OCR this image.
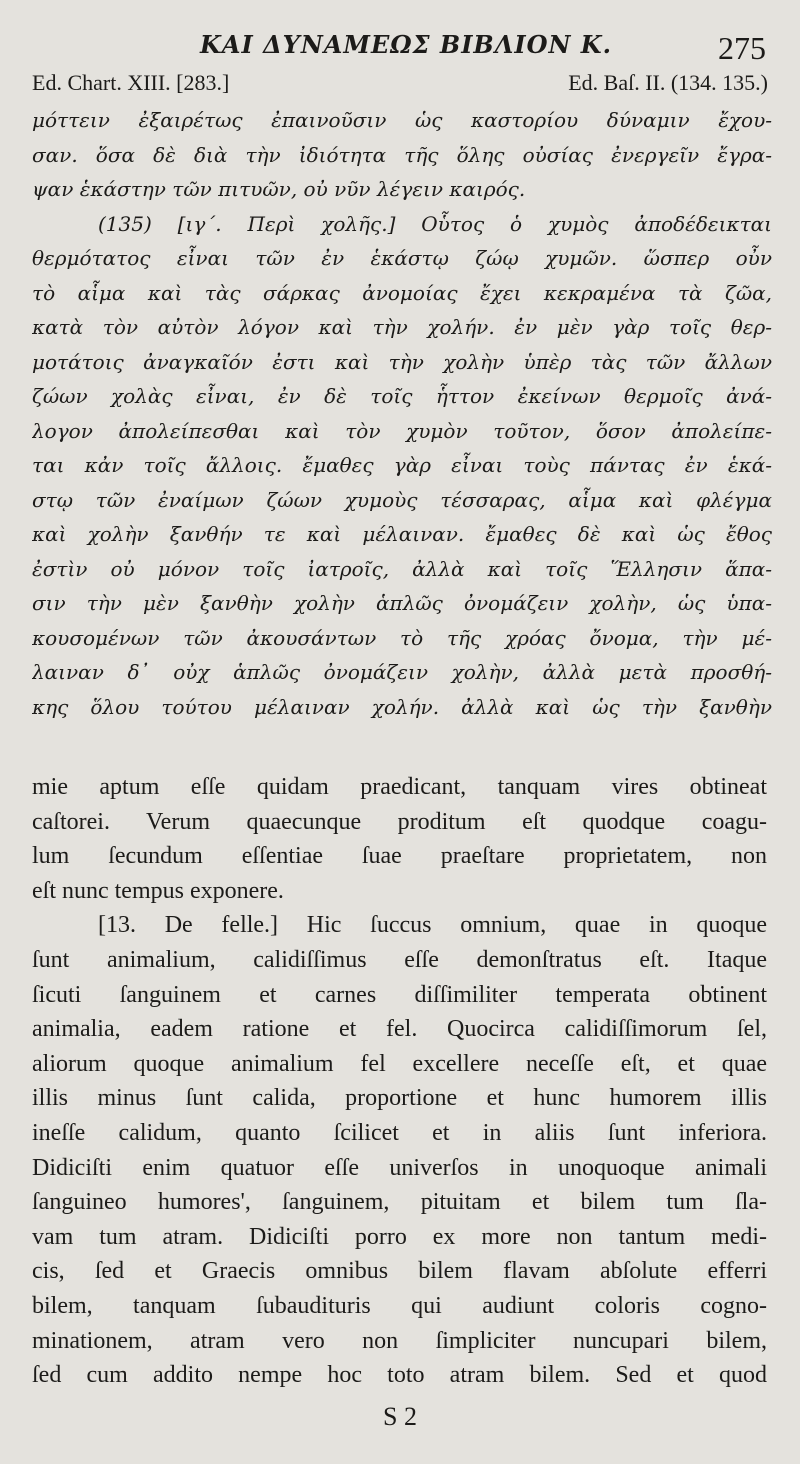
ΚΑΙ ΔΥΝΑΜΕΩΣ ΒΙΒΛΙΟΝ Κ.	275
Ed. Chart. XIII. [283.]	Ed. Baſ. II. (134. 135.)
μόττειν ἐξαιρέτως ἐπαινοῦσιν ὡς καστορίου δύναμιν ἔχου-
σαν. ὅσα δὲ διὰ τὴν ἰδιότητα τῆς ὅλης οὐσίας ἐνεργεῖν ἔγρα-
ψαν ἑκάστην τῶν πιτυῶν, οὐ νῦν λέγειν καιρός.
(135) [ιγ΄. Περὶ χολῆς.] Οὗτος ὁ χυμὸς ἀποδέδεικται
θερμότατος εἶναι τῶν ἐν ἑκάστῳ ζώῳ χυμῶν. ὥσπερ οὖν
τὸ αἷμα καὶ τὰς σάρκας ἀνομοίας ἔχει κεκραμένα τὰ ζῶα,
κατὰ τὸν αὐτὸν λόγον καὶ τὴν χολήν. ἐν μὲν γὰρ τοῖς θερ-
μοτάτοις ἀναγκαῖόν ἐστι καὶ τὴν χολὴν ὑπὲρ τὰς τῶν ἄλλων
ζώων χολὰς εἶναι, ἐν δὲ τοῖς ἧττον ἐκείνων θερμοῖς ἀνά-
λογον ἀπολείπεσθαι καὶ τὸν χυμὸν τοῦτον, ὅσον ἀπολείπε-
ται κἀν τοῖς ἄλλοις. ἔμαθες γὰρ εἶναι τοὺς πάντας ἐν ἑκά-
στῳ τῶν ἐναίμων ζώων χυμοὺς τέσσαρας, αἷμα καὶ φλέγμα
καὶ χολὴν ξανθήν τε καὶ μέλαιναν. ἔμαθες δὲ καὶ ὡς ἔθος
ἐστὶν οὐ μόνον τοῖς ἰατροῖς, ἀλλὰ καὶ τοῖς Ἕλλησιν ἅπα-
σιν τὴν μὲν ξανθὴν χολὴν ἁπλῶς ὀνομάζειν χολὴν, ὡς ὑπα-
κουσομένων τῶν ἀκουσάντων τὸ τῆς χρόας ὄνομα, τὴν μέ-
λαιναν δ᾽ οὐχ ἁπλῶς ὀνομάζειν χολὴν, ἀλλὰ μετὰ προσθή-
κης ὅλου τούτου μέλαιναν χολήν. ἀλλὰ καὶ ὡς τὴν ξανθὴν
mie aptum eſſe quidam praedicant, tanquam vires obtineat
caſtorei. Verum quaecunque proditum eſt quodque coagu-
lum ſecundum eſſentiae ſuae praeſtare proprietatem, non
eſt nunc tempus exponere.
[13. De felle.] Hic ſuccus omnium, quae in quoque
ſunt animalium, calidiſſimus eſſe demonſtratus eſt. Itaque
ſicuti ſanguinem et carnes diſſimiliter temperata obtinent
animalia, eadem ratione et fel. Quocirca calidiſſimorum ſel,
aliorum quoque animalium fel excellere neceſſe eſt, et quae
illis minus ſunt calida, proportione et hunc humorem illis
ineſſe calidum, quanto ſcilicet et in aliis ſunt inferiora.
Didiciſti enim quatuor eſſe univerſos in unoquoque animali
ſanguineo humores', ſanguinem, pituitam et bilem tum ſla-
vam tum atram. Didiciſti porro ex more non tantum medi-
cis, ſed et Graecis omnibus bilem flavam abſolute efferri
bilem, tanquam ſubaudituris qui audiunt coloris cogno-
minationem, atram vero non ſimpliciter nuncupari bilem,
ſed cum addito nempe hoc toto atram bilem. Sed et quod
S 2
